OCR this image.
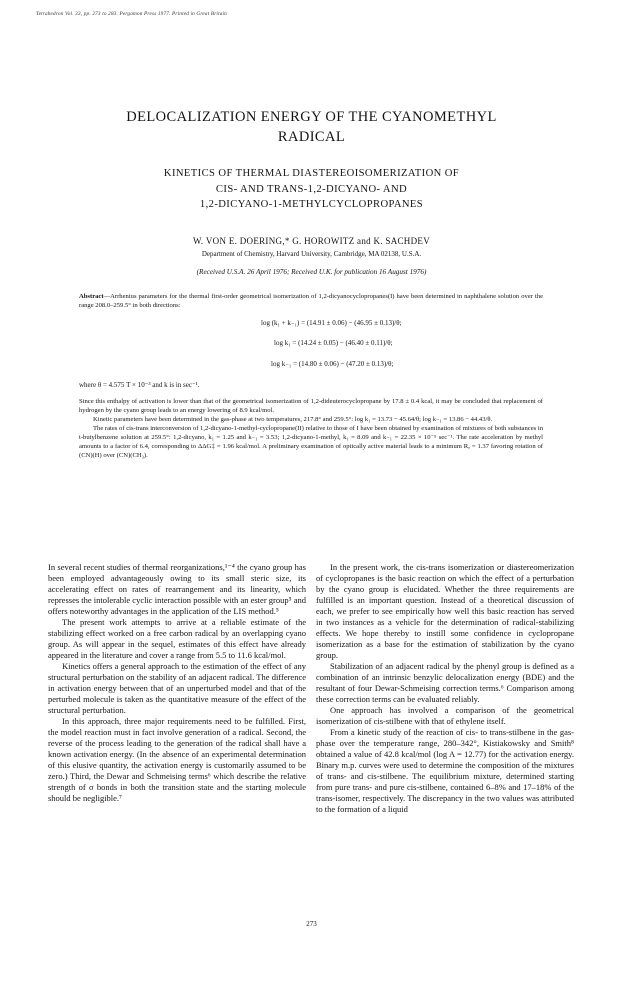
Tetrahedron Vol. 33, pp. 273 to 283. Pergamon Press 1977. Printed in Great Britain
DELOCALIZATION ENERGY OF THE CYANOMETHYL
RADICAL
KINETICS OF THERMAL DIASTEREOISOMERIZATION OF
CIS- AND TRANS-1,2-DICYANO- AND
1,2-DICYANO-1-METHYLCYCLOPROPANES
W. VON E. DOERING,* G. HOROWITZ and K. SACHDEV
Department of Chemistry, Harvard University, Cambridge, MA 02138, U.S.A.
(Received U.S.A. 26 April 1976; Received U.K. for publication 16 August 1976)

Abstract—Arrhenius parameters for the thermal first-order geometrical isomerization of 1,2-dicyanocyclopropanes(I) have been determined in naphthalene solution over the range 208.0–259.5° in both directions:

log (k₁ + k₋₁) = (14.91 ± 0.06) − (46.95 ± 0.13)/θ;
log k₁ = (14.24 ± 0.05) − (46.40 ± 0.11)/θ;
log k₋₁ = (14.80 ± 0.06) − (47.20 ± 0.13)/θ;
where θ = 4.575 T × 10⁻³ and k is in sec⁻¹.

Since this enthalpy of activation is lower than that of the geometrical isomerization of 1,2-dideuterocyclopropane by 17.8 ± 0.4 kcal, it may be concluded that replacement of hydrogen by the cyano group leads to an energy lowering of 8.9 kcal/mol.

Kinetic parameters have been determined in the gas-phase at two temperatures, 217.8° and 259.5°: log k₁ = 13.73 − 45.64/θ; log k₋₁ = 13.86 − 44.43/θ.

The rates of cis-trans interconversion of 1,2-dicyano-1-methyl-cyclopropane(II) relative to those of I have been obtained by examination of mixtures of both substances in t-butylbenzene solution at 259.5°: 1,2-dicyano, k₁ = 1.25 and k₋₁ = 3.53; 1,2-dicyano-1-methyl, k₁ = 8.09 and k₋₁ = 22.35 × 10⁻⁵ sec⁻¹. The rate acceleration by methyl amounts to a factor of 6.4, corresponding to ΔΔG‡ = 1.96 kcal/mol. A preliminary examination of optically active material leads to a minimum Rₐ = 1.37 favoring rotation of (CN)(H) over (CN)(CH₃).

In several recent studies of thermal reorganizations,¹⁻⁴ the cyano group has been employed advantageously owing to its small steric size, its accelerating effect on rates of rearrangement and its linearity, which represses the intolerable cyclic interaction possible with an ester group⁵ and offers noteworthy advantages in the application of the LIS method.⁵

The present work attempts to arrive at a reliable estimate of the stabilizing effect worked on a free carbon radical by an overlapping cyano group. As will appear in the sequel, estimates of this effect have already appeared in the literature and cover a range from 5.5 to 11.6 kcal/mol.

Kinetics offers a general approach to the estimation of the effect of any structural perturbation on the stability of an adjacent radical. The difference in activation energy between that of an unperturbed model and that of the perturbed molecule is taken as the quantitative measure of the effect of the structural perturbation.

In this approach, three major requirements need to be fulfilled. First, the model reaction must in fact involve generation of a radical. Second, the reverse of the process leading to the generation of the radical shall have a known activation energy. (In the absence of an experimental determination of this elusive quantity, the activation energy is customarily assumed to be zero.) Third, the Dewar and Schmeising terms⁶ which describe the relative strength of σ bonds in both the transition state and the starting molecule should be negligible.⁷

In the present work, the cis-trans isomerization or diastereomerization of cyclopropanes is the basic reaction on which the effect of a perturbation by the cyano group is elucidated. Whether the three requirements are fulfilled is an important question. Instead of a theoretical discussion of each, we prefer to see empirically how well this basic reaction has served in two instances as a vehicle for the determination of radical-stabilizing effects. We hope thereby to instill some confidence in cyclopropane isomerization as a base for the estimation of stabilization by the cyano group.

Stabilization of an adjacent radical by the phenyl group is defined as a combination of an intrinsic benzylic delocalization energy (BDE) and the resultant of four Dewar-Schmeising correction terms.⁶ Comparison among these correction terms can be evaluated reliably.

One approach has involved a comparison of the geometrical isomerization of cis-stilbene with that of ethylene itself.

From a kinetic study of the reaction of cis- to trans-stilbene in the gas-phase over the temperature range, 280–342°, Kistiakowsky and Smith⁸ obtained a value of 42.8 kcal/mol (log A = 12.77) for the activation energy. Binary m.p. curves were used to determine the composition of the mixtures of trans- and cis-stilbene. The equilibrium mixture, determined starting from pure trans- and pure cis-stilbene, contained 6–8% and 17–18% of the trans-isomer, respectively. The discrepancy in the two values was attributed to the formation of a liquid

273
